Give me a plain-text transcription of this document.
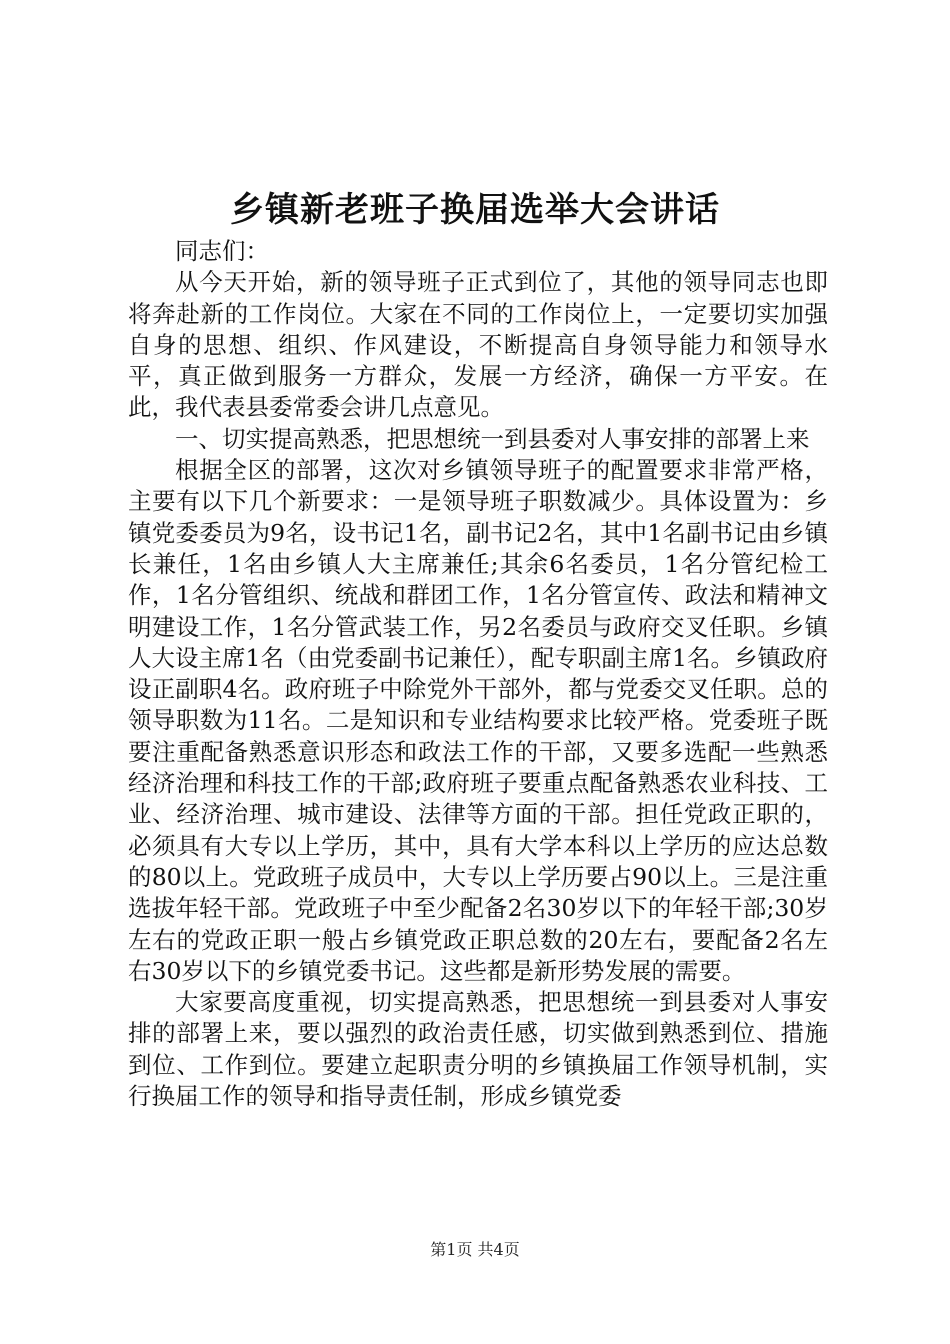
乡镇新老班子换届选举大会讲话

同志们：

从今天开始，新的领导班子正式到位了，其他的领导同志也即将奔赴新的工作岗位。大家在不同的工作岗位上，一定要切实加强自身的思想、组织、作风建设，不断提高自身领导能力和领导水平，真正做到服务一方群众，发展一方经济，确保一方平安。在此，我代表县委常委会讲几点意见。

一、切实提高熟悉，把思想统一到县委对人事安排的部署上来

根据全区的部署，这次对乡镇领导班子的配置要求非常严格，主要有以下几个新要求：一是领导班子职数减少。具体设置为：乡镇党委委员为9名，设书记1名，副书记2名，其中1名副书记由乡镇长兼任，1名由乡镇人大主席兼任;其余6名委员，1名分管纪检工作，1名分管组织、统战和群团工作，1名分管宣传、政法和精神文明建设工作，1名分管武装工作，另2名委员与政府交叉任职。乡镇人大设主席1名（由党委副书记兼任），配专职副主席1名。乡镇政府设正副职4名。政府班子中除党外干部外，都与党委交叉任职。总的领导职数为11名。二是知识和专业结构要求比较严格。党委班子既要注重配备熟悉意识形态和政法工作的干部，又要多选配一些熟悉经济治理和科技工作的干部;政府班子要重点配备熟悉农业科技、工业、经济治理、城市建设、法律等方面的干部。担任党政正职的，必须具有大专以上学历，其中，具有大学本科以上学历的应达总数的80以上。党政班子成员中，大专以上学历要占90以上。三是注重选拔年轻干部。党政班子中至少配备2名30岁以下的年轻干部;30岁左右的党政正职一般占乡镇党政正职总数的20左右，要配备2名左右30岁以下的乡镇党委书记。这些都是新形势发展的需要。

大家要高度重视，切实提高熟悉，把思想统一到县委对人事安排的部署上来，要以强烈的政治责任感，切实做到熟悉到位、措施到位、工作到位。要建立起职责分明的乡镇换届工作领导机制，实行换届工作的领导和指导责任制，形成乡镇党委

第1页 共4页
